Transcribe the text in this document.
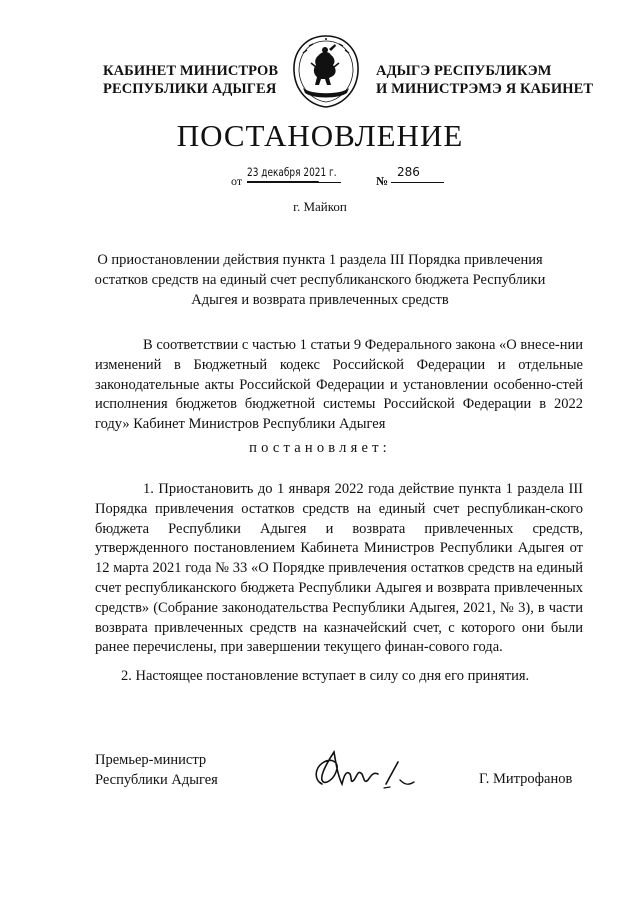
КАБИНЕТ МИНИСТРОВ
РЕСПУБЛИКИ АДЫГЕЯ
АДЫГЭ РЕСПУБЛИКЭМ
И МИНИСТРЭМЭ Я КАБИНЕТ
ПОСТАНОВЛЕНИЕ
от
23 декабря 2021 г.
№
286
г. Майкоп
О приостановлении действия пункта 1 раздела III Порядка привлечения остатков средств на единый счет республиканского бюджета Республики Адыгея и возврата привлеченных средств
В соответствии с частью 1 статьи 9 Федерального закона «О внесе-нии изменений в Бюджетный кодекс Российской Федерации и отдельные законодательные акты Российской Федерации и установлении особенно-стей исполнения бюджетов бюджетной системы Российской Федерации в 2022 году» Кабинет Министров Республики Адыгея
постановляет:
1. Приостановить до 1 января 2022 года действие пункта 1 раздела III Порядка привлечения остатков средств на единый счет республикан-ского бюджета Республики Адыгея и возврата привлеченных средств, утвержденного постановлением Кабинета Министров Республики Адыгея от 12 марта 2021 года № 33 «О Порядке привлечения остатков средств на единый счет республиканского бюджета Республики Адыгея и возврата привлеченных средств» (Собрание законодательства Республики Адыгея, 2021, № 3), в части возврата привлеченных средств на казначейский счет, с которого они были ранее перечислены, при завершении текущего финан-сового года.
2. Настоящее постановление вступает в силу со дня его принятия.
Премьер-министр
Республики Адыгея	Г. Митрофанов
